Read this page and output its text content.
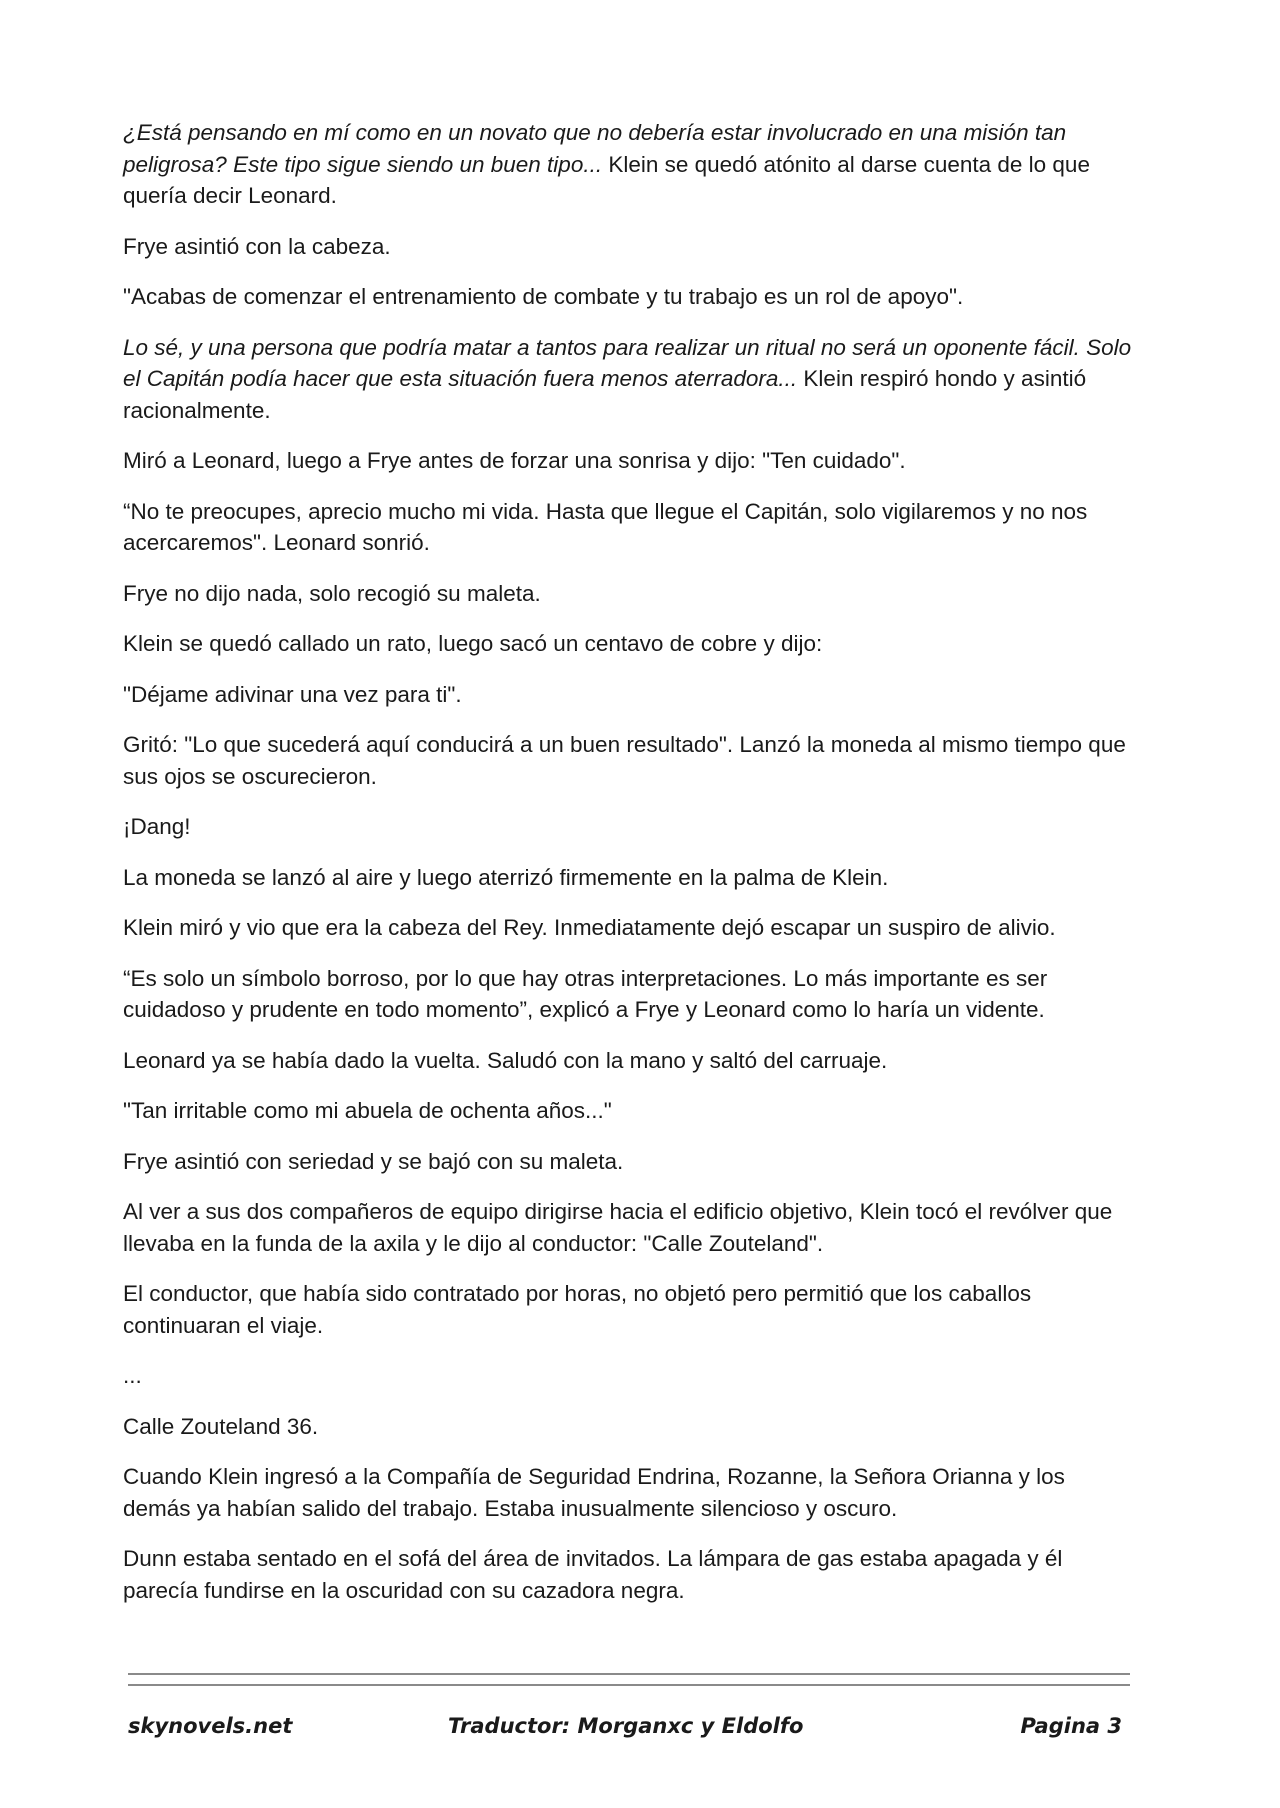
¿Está pensando en mí como en un novato que no debería estar involucrado en una misión tan peligrosa? Este tipo sigue siendo un buen tipo... Klein se quedó atónito al darse cuenta de lo que quería decir Leonard.

Frye asintió con la cabeza.

"Acabas de comenzar el entrenamiento de combate y tu trabajo es un rol de apoyo".

Lo sé, y una persona que podría matar a tantos para realizar un ritual no será un oponente fácil. Solo el Capitán podía hacer que esta situación fuera menos aterradora... Klein respiró hondo y asintió racionalmente.

Miró a Leonard, luego a Frye antes de forzar una sonrisa y dijo: "Ten cuidado".

“No te preocupes, aprecio mucho mi vida. Hasta que llegue el Capitán, solo vigilaremos y no nos acercaremos". Leonard sonrió.

Frye no dijo nada, solo recogió su maleta.

Klein se quedó callado un rato, luego sacó un centavo de cobre y dijo:

"Déjame adivinar una vez para ti".

Gritó: "Lo que sucederá aquí conducirá a un buen resultado". Lanzó la moneda al mismo tiempo que sus ojos se oscurecieron.

¡Dang!

La moneda se lanzó al aire y luego aterrizó firmemente en la palma de Klein.

Klein miró y vio que era la cabeza del Rey. Inmediatamente dejó escapar un suspiro de alivio.

“Es solo un símbolo borroso, por lo que hay otras interpretaciones. Lo más importante es ser cuidadoso y prudente en todo momento”, explicó a Frye y Leonard como lo haría un vidente.

Leonard ya se había dado la vuelta. Saludó con la mano y saltó del carruaje.

"Tan irritable como mi abuela de ochenta años..."

Frye asintió con seriedad y se bajó con su maleta.

Al ver a sus dos compañeros de equipo dirigirse hacia el edificio objetivo, Klein tocó el revólver que llevaba en la funda de la axila y le dijo al conductor: "Calle Zouteland".

El conductor, que había sido contratado por horas, no objetó pero permitió que los caballos continuaran el viaje.

...

Calle Zouteland 36.

Cuando Klein ingresó a la Compañía de Seguridad Endrina, Rozanne, la Señora Orianna y los demás ya habían salido del trabajo. Estaba inusualmente silencioso y oscuro.

Dunn estaba sentado en el sofá del área de invitados. La lámpara de gas estaba apagada y él parecía fundirse en la oscuridad con su cazadora negra.

skynovels.net	Traductor: Morganxc y Eldolfo	Pagina 3
